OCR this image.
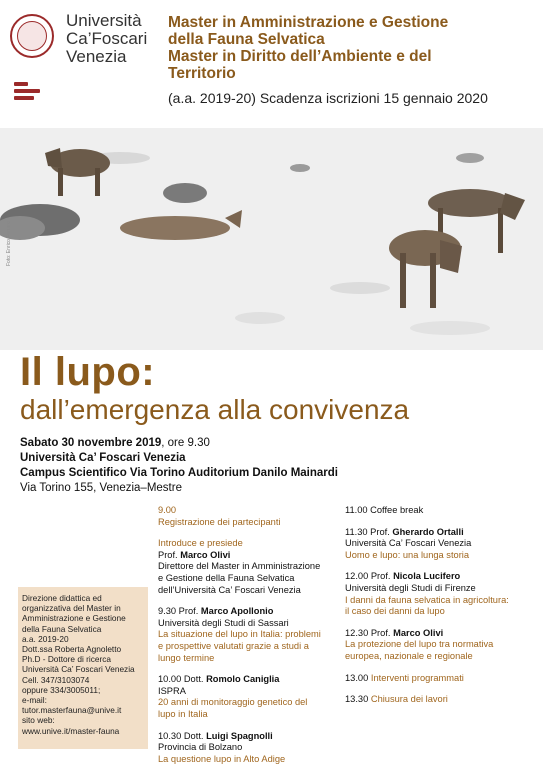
Università
Ca’Foscari
Venezia
Master in Amministrazione e Gestione
della Fauna Selvatica
Master in Diritto dell’Ambiente e del
Territorio
(a.a. 2019-20) Scadenza iscrizioni 15 gennaio 2020
Foto: Enrico Ferraro
Il lupo:
dall’emergenza alla convivenza
Sabato 30 novembre 2019, ore 9.30
Università Ca’ Foscari Venezia
Campus Scientifico Via Torino Auditorium Danilo Mainardi
Via Torino 155, Venezia–Mestre
9.00
Registrazione dei partecipanti
Introduce e presiede
Prof. Marco Olivi
Direttore del Master in Amministrazione
e Gestione della Fauna Selvatica
dell’Università Ca’ Foscari Venezia
9.30 Prof. Marco Apollonio
Università degli Studi di Sassari
La situazione del lupo in Italia: problemi
e prospettive valutati grazie a studi a
lungo termine
10.00 Dott. Romolo Caniglia
ISPRA
20 anni di monitoraggio genetico del
lupo in Italia
10.30 Dott. Luigi Spagnolli
Provincia di Bolzano
La questione lupo in Alto Adige
11.00 Coffee break
11.30 Prof. Gherardo Ortalli
Università Ca’ Foscari Venezia
Uomo e lupo: una lunga storia
12.00 Prof. Nicola Lucifero
Università degli Studi di Firenze
I danni da fauna selvatica in agricoltura:
il caso dei danni da lupo
12.30 Prof. Marco Olivi
La protezione del lupo tra normativa
europea, nazionale e regionale
13.00 Interventi programmati
13.30 Chiusura dei lavori
Direzione didattica ed
organizzativa del Master in
Amministrazione e Gestione
della Fauna Selvatica
a.a. 2019-20
Dott.ssa Roberta Agnoletto
Ph.D - Dottore di ricerca
Università Ca’ Foscari Venezia
Cell. 347/3103074
oppure 334/3005011;
e-mail:
tutor.masterfauna@unive.it
sito web:
www.unive.it/master-fauna
